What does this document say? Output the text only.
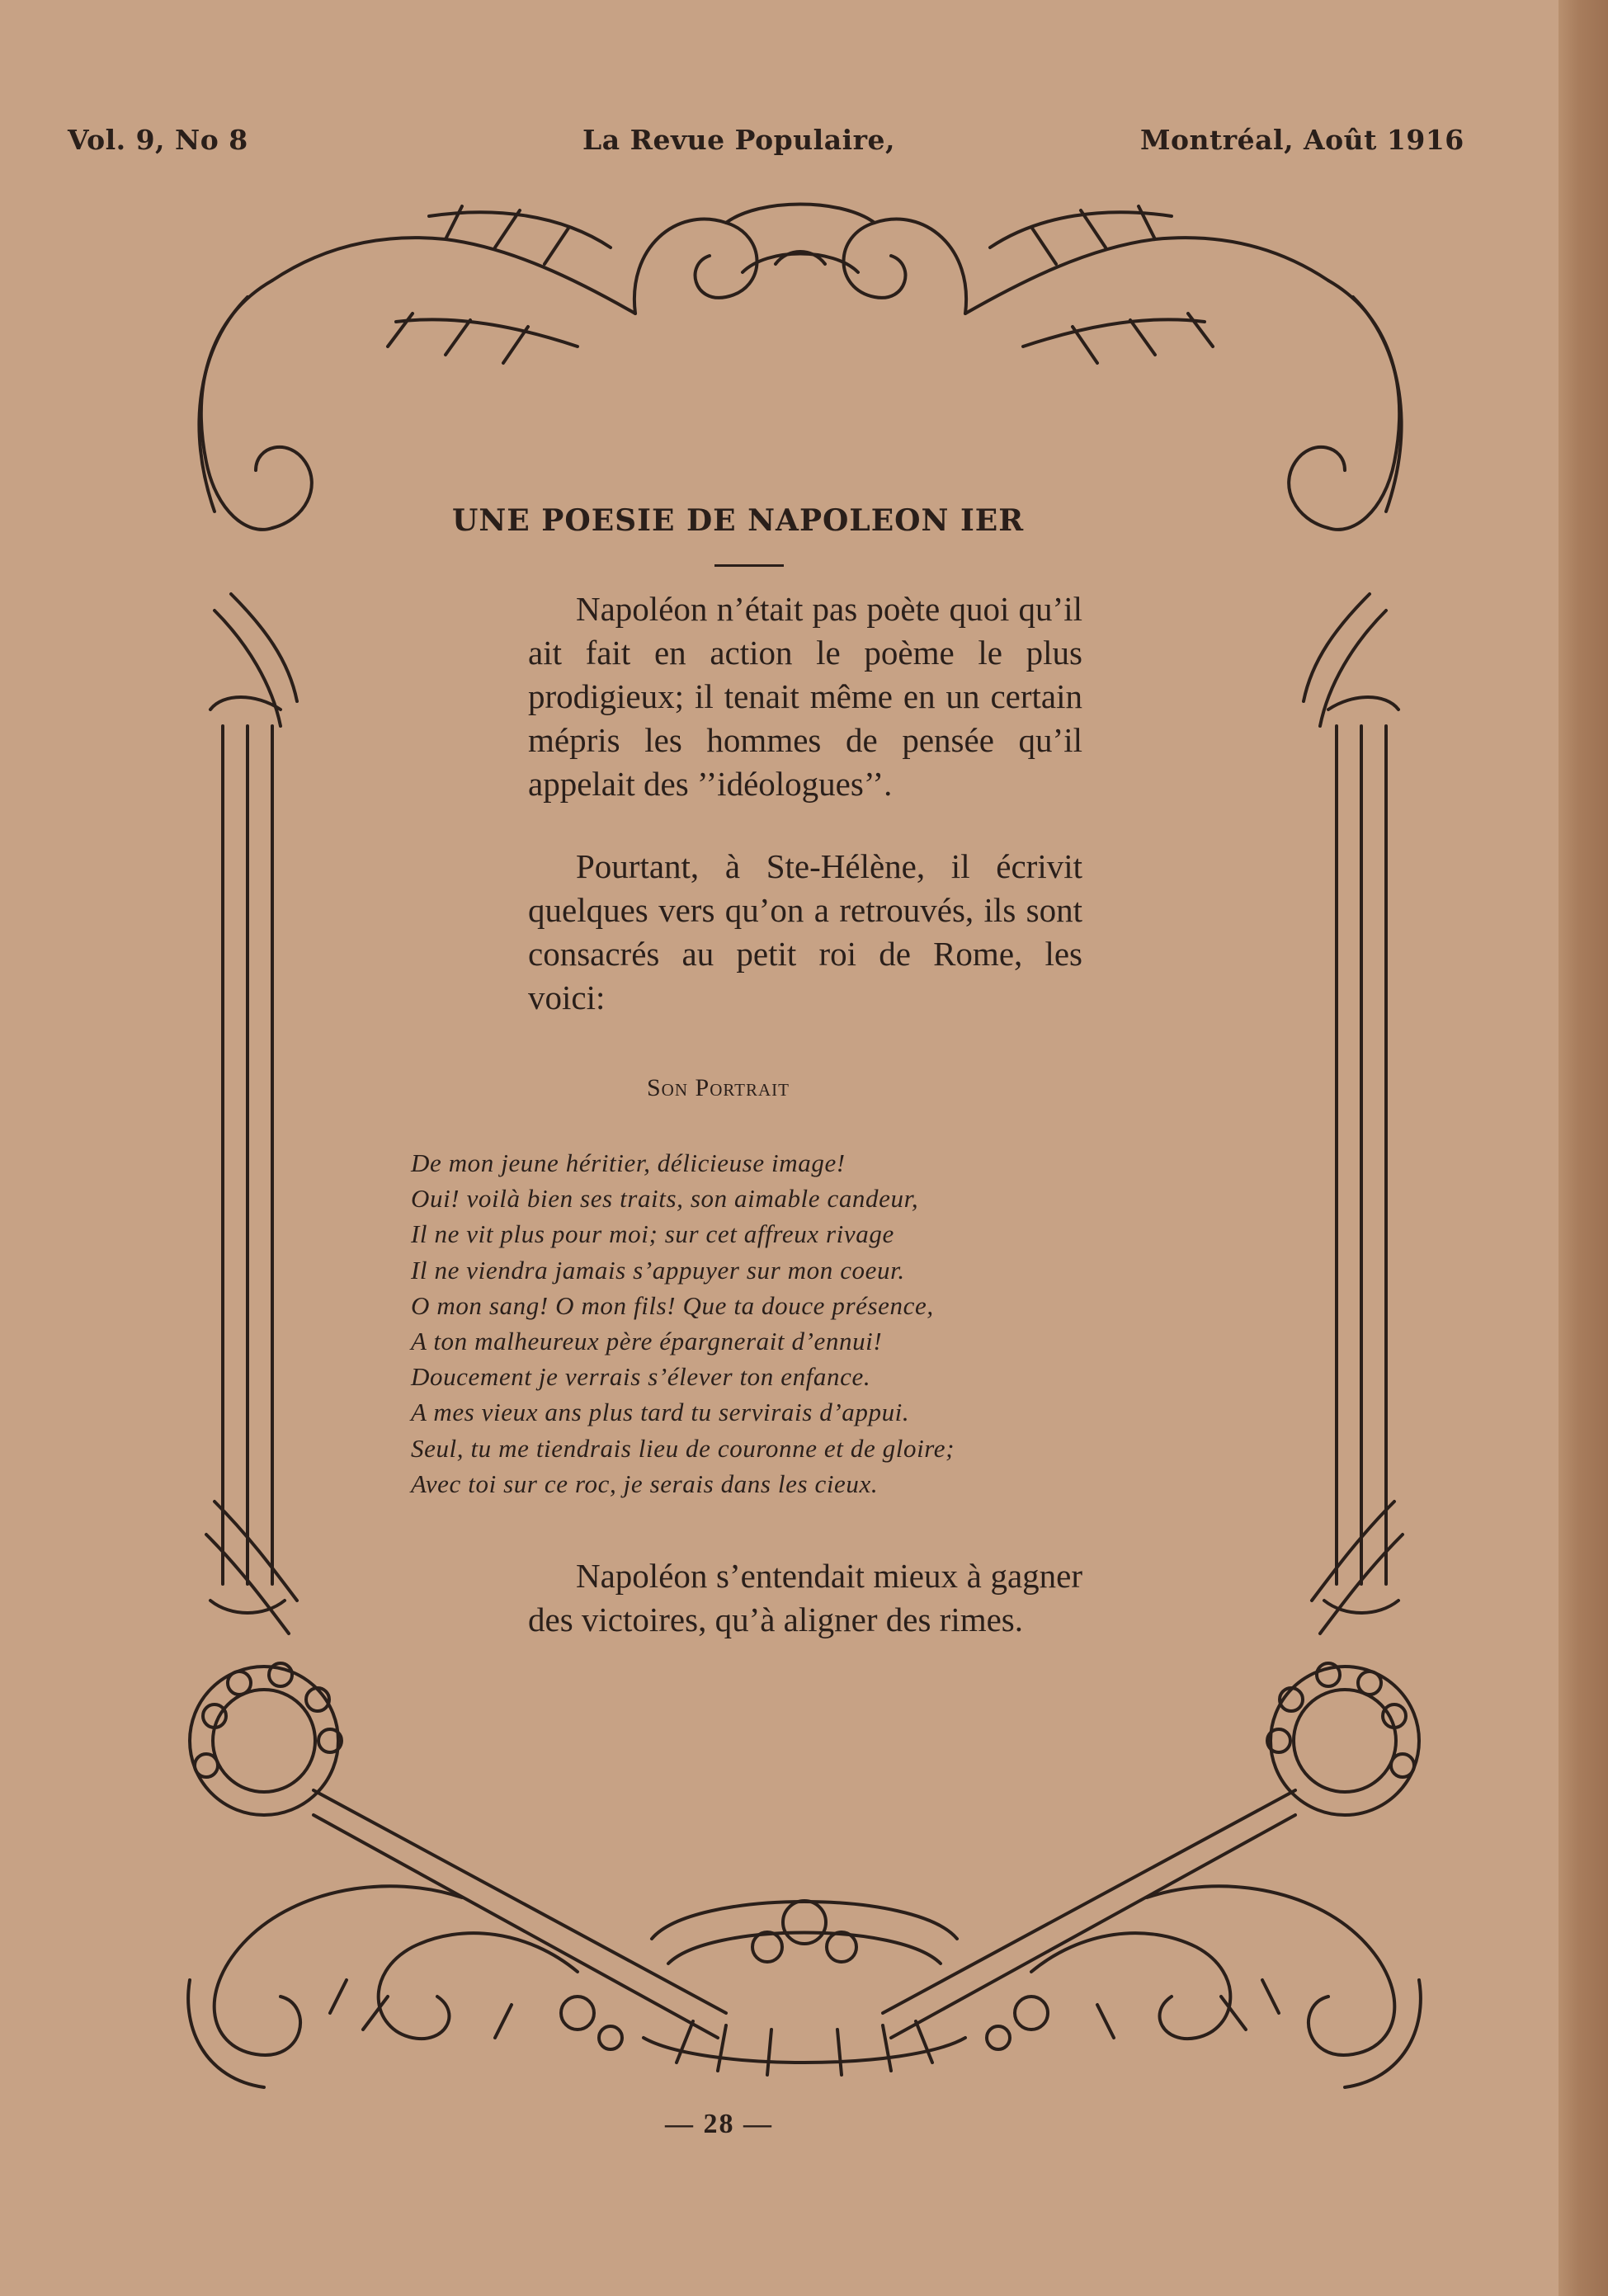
Vol. 9, No 8	La Revue Populaire,	Montréal, Août 1916
UNE POESIE DE NAPOLEON IER

Napoléon n’était pas poète quoi qu’il ait fait en action le poème le plus prodigieux; il tenait même en un certain mépris les hommes de pensée qu’il appelait des ’’idéologues’’.

Pourtant, à Ste-Hélène, il écrivit quelques vers qu’on a retrouvés, ils sont consacrés au petit roi de Rome, les voici:

Son Portrait
De mon jeune héritier, délicieuse image!
Oui! voilà bien ses traits, son aimable candeur,
Il ne vit plus pour moi; sur cet affreux rivage
Il ne viendra jamais s’appuyer sur mon coeur.
O mon sang! O mon fils! Que ta douce présence,
A ton malheureux père épargnerait d’ennui!
Doucement je verrais s’élever ton enfance.
A mes vieux ans plus tard tu servirais d’appui.
Seul, tu me tiendrais lieu de couronne et de gloire;
Avec toi sur ce roc, je serais dans les cieux.

Napoléon s’entendait mieux à gagner des victoires, qu’à aligner des rimes.

— 28 —
